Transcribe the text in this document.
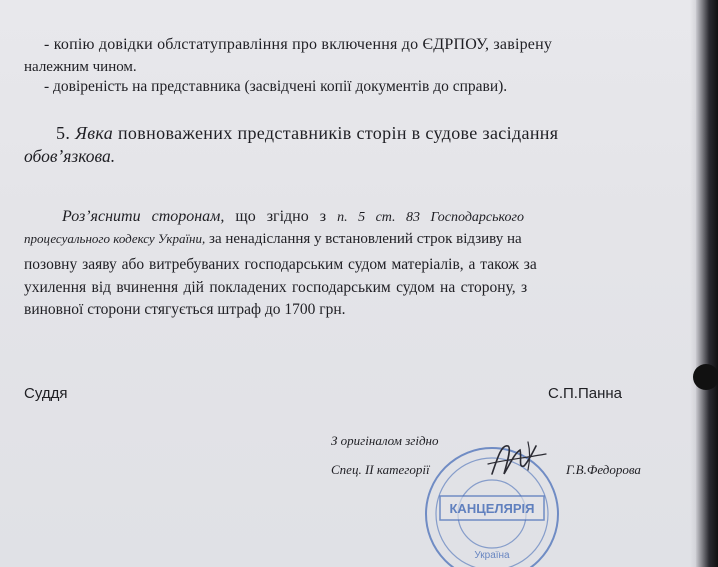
- копію довідки облстатуправління про включення до ЄДРПОУ, завірену
належним чином.
- довіреність на представника (засвідчені копії документів до справи).
5. Явка повноважених представників сторін в судове засідання
обов’язкова.
Роз’яснити сторонам, що згідно з п. 5 ст. 83 Господарського
процесуального кодексу України, за ненадіслання у встановлений строк відзиву на
позовну заяву або витребуваних господарським судом матеріалів, а також за
ухилення від вчинення дій покладених господарським судом на сторону, з
виновної сторони стягується штраф до 1700 грн.
Суддя	С.П.Панна
КАНЦЕЛЯРІЯ
Україна
З оригіналом згідно
Спец. ІІ категорії	Г.В.Федорова
